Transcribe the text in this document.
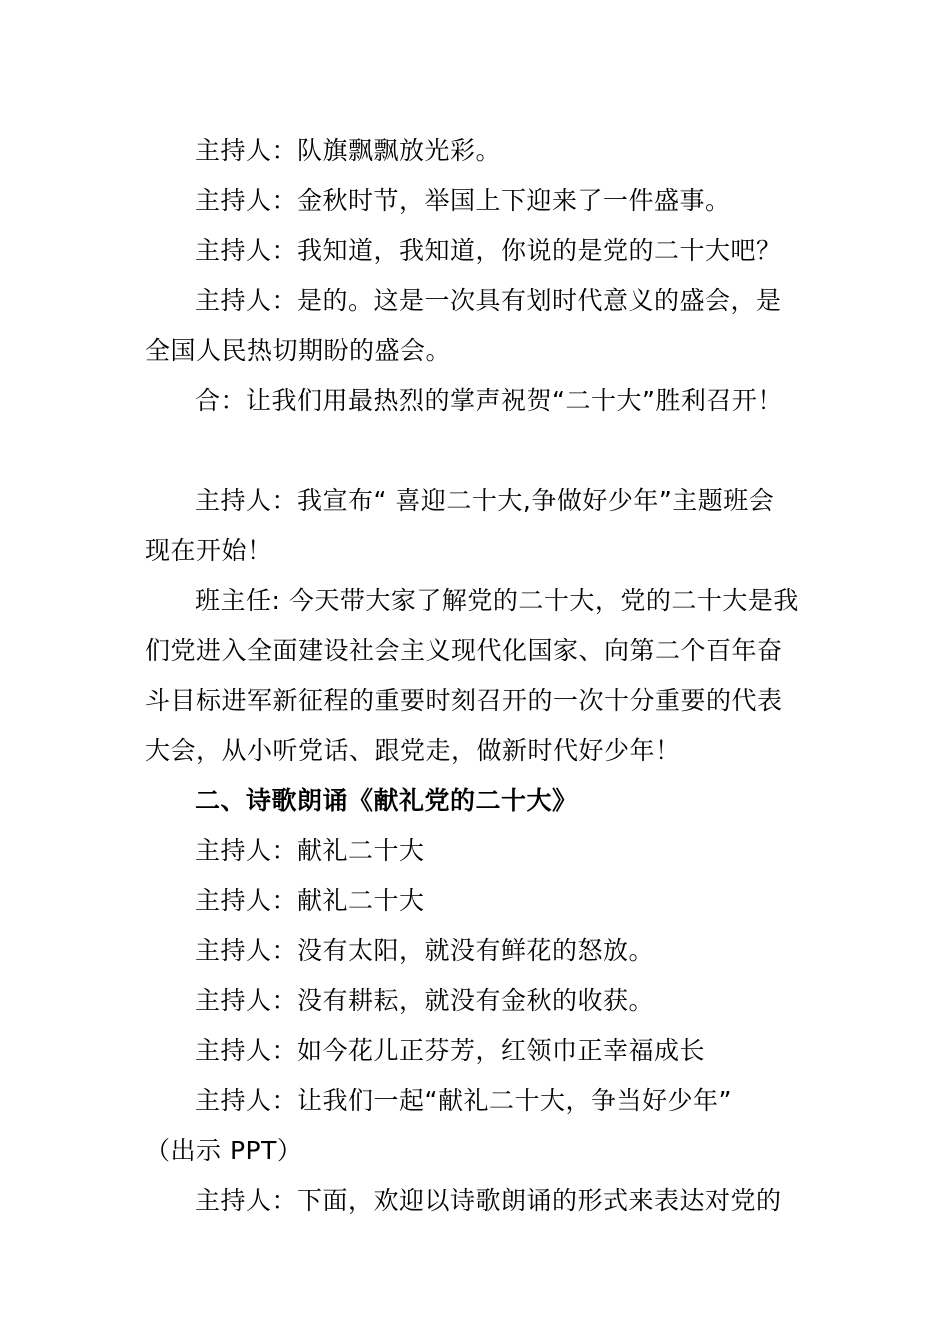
主持人：队旗飘飘放光彩。
主持人：金秋时节，举国上下迎来了一件盛事。
主持人：我知道，我知道，你说的是党的二十大吧？
主持人：是的。这是一次具有划时代意义的盛会，是
全国人民热切期盼的盛会。
合：让我们用最热烈的掌声祝贺“二十大”胜利召开！
主持人：我宣布“ 喜迎二十大,争做好少年”主题班会
现在开始！
班主任: 今天带大家了解党的二十大，党的二十大是我
们党进入全面建设社会主义现代化国家、向第二个百年奋
斗目标进军新征程的重要时刻召开的一次十分重要的代表
大会，从小听党话、跟党走，做新时代好少年！
二、诗歌朗诵《献礼党的二十大》
主持人：献礼二十大
主持人：献礼二十大
主持人：没有太阳，就没有鲜花的怒放。
主持人：没有耕耘，就没有金秋的收获。
主持人：如今花儿正芬芳，红领巾正幸福成长
主持人：让我们一起“献礼二十大，争当好少年”
（出示 PPT）
主持人：下面，欢迎以诗歌朗诵的形式来表达对党的
